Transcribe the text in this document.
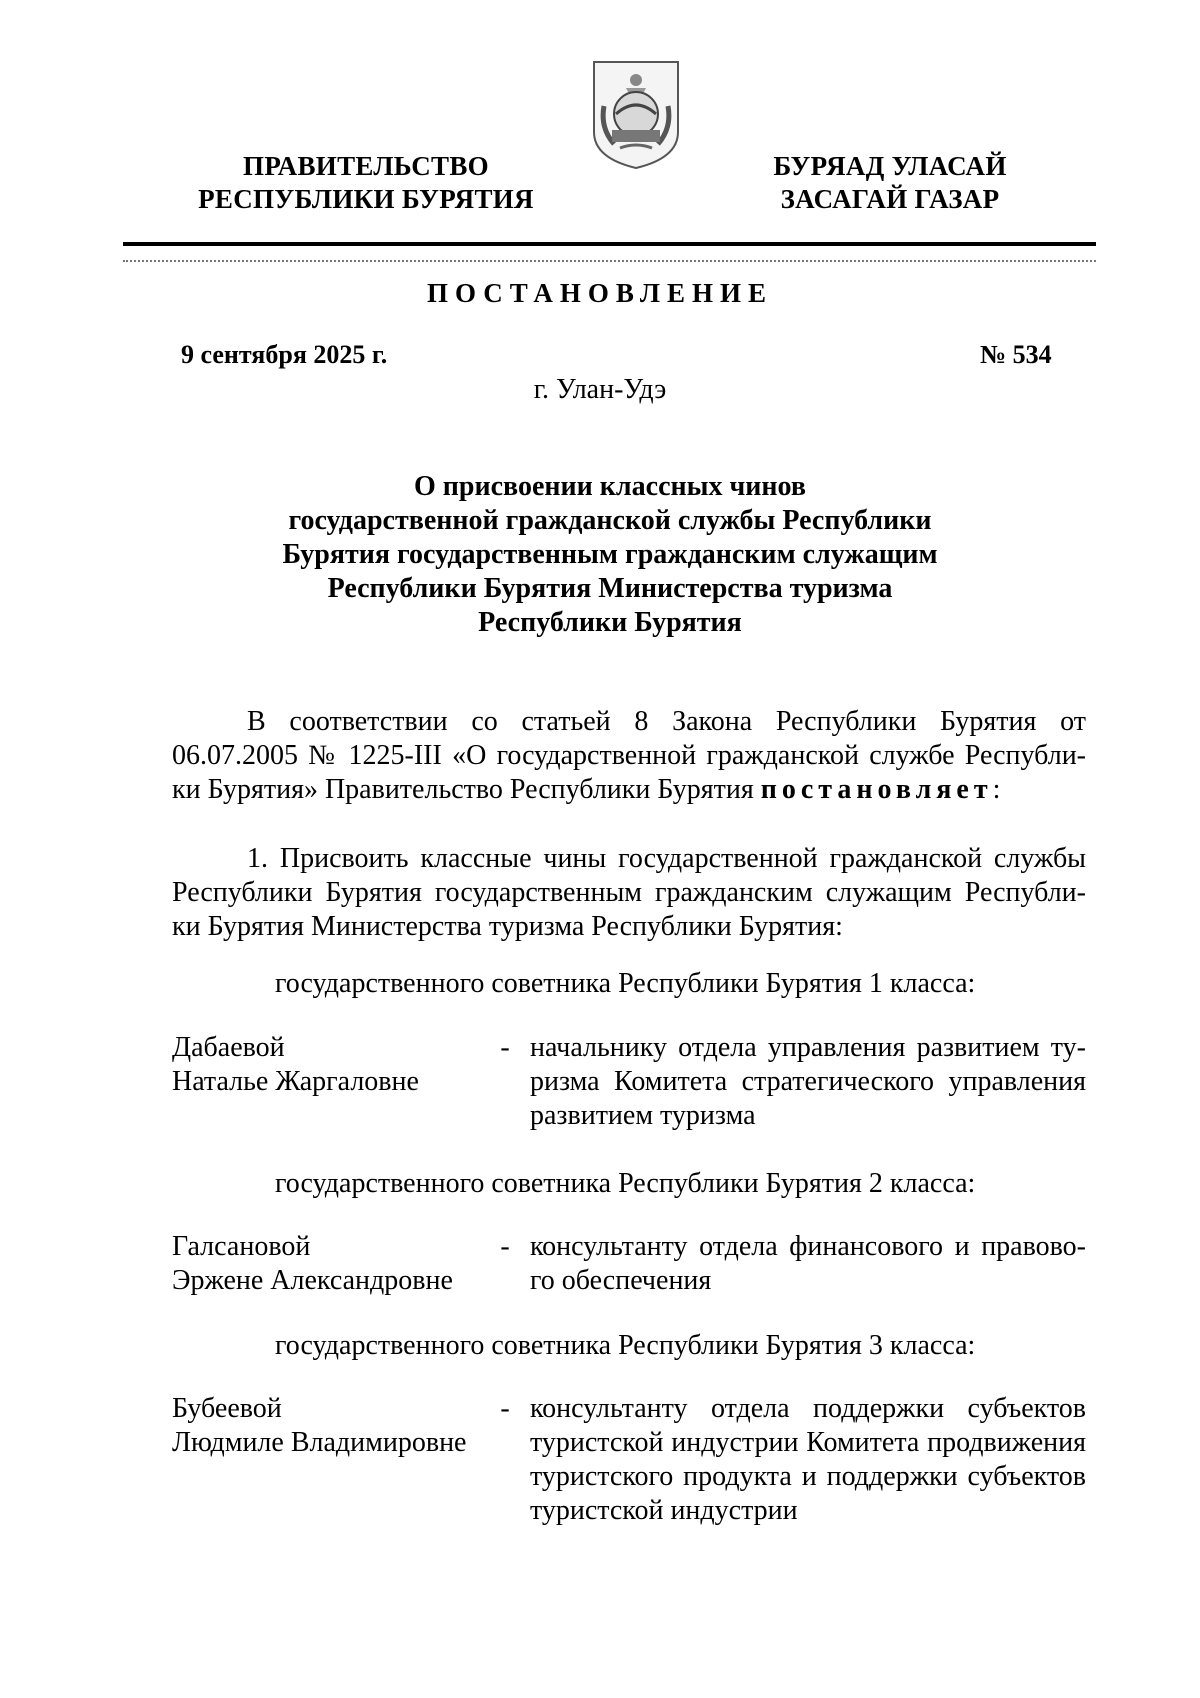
ПРАВИТЕЛЬСТВО
РЕСПУБЛИКИ БУРЯТИЯ
БУРЯАД УЛАСАЙ
ЗАСАГАЙ ГАЗАР
ПОСТАНОВЛЕНИЕ
9 сентября 2025 г.	№ 534
г. Улан-Удэ
О присвоении классных чинов
государственной гражданской службы Республики
Бурятия государственным гражданским служащим
Республики Бурятия Министерства туризма
Республики Бурятия
В соответствии со статьей 8 Закона Республики Бурятия от
06.07.2005 № 1225-III «О государственной гражданской службе Республи-
ки Бурятия» Правительство Республики Бурятия постановляет:
1. Присвоить классные чины государственной гражданской службы
Республики Бурятия государственным гражданским служащим Республи-
ки Бурятия Министерства туризма Республики Бурятия:
государственного советника Республики Бурятия 1 класса:
Дабаевой
Наталье Жаргаловне
- начальнику отдела управления развитием ту-
ризма Комитета стратегического управления
развитием туризма
государственного советника Республики Бурятия 2 класса:
Галсановой
Эржене Александровне
- консультанту отдела финансового и правово-
го обеспечения
государственного советника Республики Бурятия 3 класса:
Бубеевой
Людмиле Владимировне
- консультанту отдела поддержки субъектов
туристской индустрии Комитета продвижения
туристского продукта и поддержки субъектов
туристской индустрии
